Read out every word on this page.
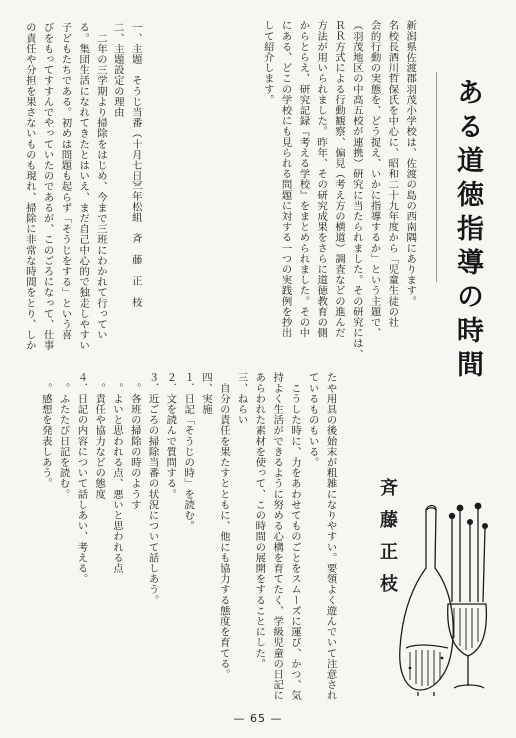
ある道徳指導の時間
新潟県佐渡郡羽茂小学校は、佐渡の島の西南隅にあります。
名校長酒川哲保氏を中心に、昭和二十九年度から「児童生徒の社
会的行動の実態を、どう捉え、いかに指導するか」という主題で、
（羽茂地区の中高五校が連携）研究に当たられました。その研究には、
ＲＲ方式による行動観察、偏見（考え方の横道）調査などの進んだ
方法が用いられました。昨年、その研究成果をさらに道徳教育の側
からとらえ、研究記録『考える学校』をまとめられました。その中
にある、どこの学校にも見られる問題に対する一つの実践例を抄出
して紹介します。
　二年の三学期より掃除をはじめ、今まで三班にわかれて行ってい
る。集団生活になれてきたとはいえ、まだ自己中心的で独走しやすい
子どもたちである。初めは問題も起らず「そうじをする」という喜
びをもってすすんでやっていたのであるが、このごろになって、仕事
の責任や分担を果さないものも現れ、掃除に非常な時間をとり、しか	二、主題設定の理由
三年松組　斉　藤　正　枝
一、主題　そうじ当番（十月七日）
斉藤正枝
たや用具の後始末が粗雑になりやすい。要領よく遊んでいて注意され
ているものもいる。
　こうした時に、力をあわせてものごとをスムーズに運び、かつ、気
持よく生活ができるように努める心構を育てたく、学級児童の日記に
あらわれた素材を使って、この時間の展開をすることにした。
三、ねらい
　自分の責任を果たすとともに、他にも協力する態度を育てる。
四、実施
１．日記「そうじの時」を読む。
２．文を読んで質問する。
３．近ごろの掃除当番の状況について話しあう。
　。各班の掃除の時のようす
　。よいと思われる点、悪いと思われる点
　。責任や協力などの態度
４．日記の内容について話しあい、考える。
　。ふたたび日記を読む。
　。感想を発表しあう。
— 65 —
